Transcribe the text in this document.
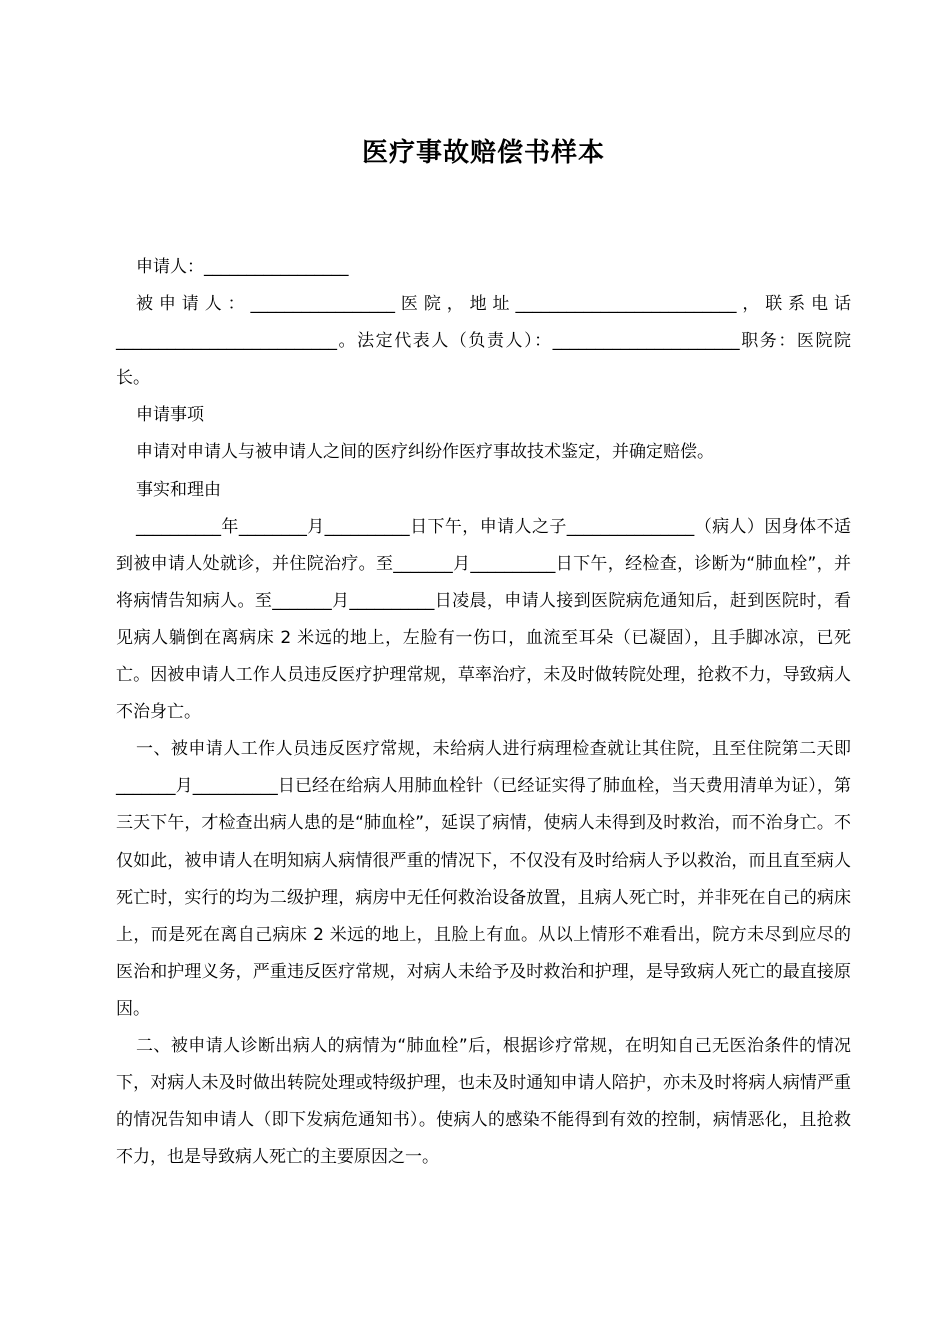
医疗事故赔偿书样本

申请人：_________________

被申请人：_________________医院，地址__________________________，联系电话__________________________。法定代表人（负责人）：______________________职务：医院院长。

申请事项

申请对申请人与被申请人之间的医疗纠纷作医疗事故技术鉴定，并确定赔偿。

事实和理由

__________年________月__________日下午，申请人之子_______________（病人）因身体不适到被申请人处就诊，并住院治疗。至_______月__________日下午，经检查，诊断为“肺血栓”，并将病情告知病人。至_______月__________日凌晨，申请人接到医院病危通知后，赶到医院时，看见病人躺倒在离病床 2 米远的地上，左脸有一伤口，血流至耳朵（已凝固），且手脚冰凉，已死亡。因被申请人工作人员违反医疗护理常规，草率治疗，未及时做转院处理，抢救不力，导致病人不治身亡。

一、被申请人工作人员违反医疗常规，未给病人进行病理检查就让其住院，且至住院第二天即_______月__________日已经在给病人用肺血栓针（已经证实得了肺血栓，当天费用清单为证），第三天下午，才检查出病人患的是“肺血栓”，延误了病情，使病人未得到及时救治，而不治身亡。不仅如此，被申请人在明知病人病情很严重的情况下，不仅没有及时给病人予以救治，而且直至病人死亡时，实行的均为二级护理，病房中无任何救治设备放置，且病人死亡时，并非死在自己的病床上，而是死在离自己病床 2 米远的地上，且脸上有血。从以上情形不难看出，院方未尽到应尽的医治和护理义务，严重违反医疗常规，对病人未给予及时救治和护理，是导致病人死亡的最直接原因。

二、被申请人诊断出病人的病情为“肺血栓”后，根据诊疗常规，在明知自己无医治条件的情况下，对病人未及时做出转院处理或特级护理，也未及时通知申请人陪护，亦未及时将病人病情严重的情况告知申请人（即下发病危通知书）。使病人的感染不能得到有效的控制，病情恶化，且抢救不力，也是导致病人死亡的主要原因之一。
